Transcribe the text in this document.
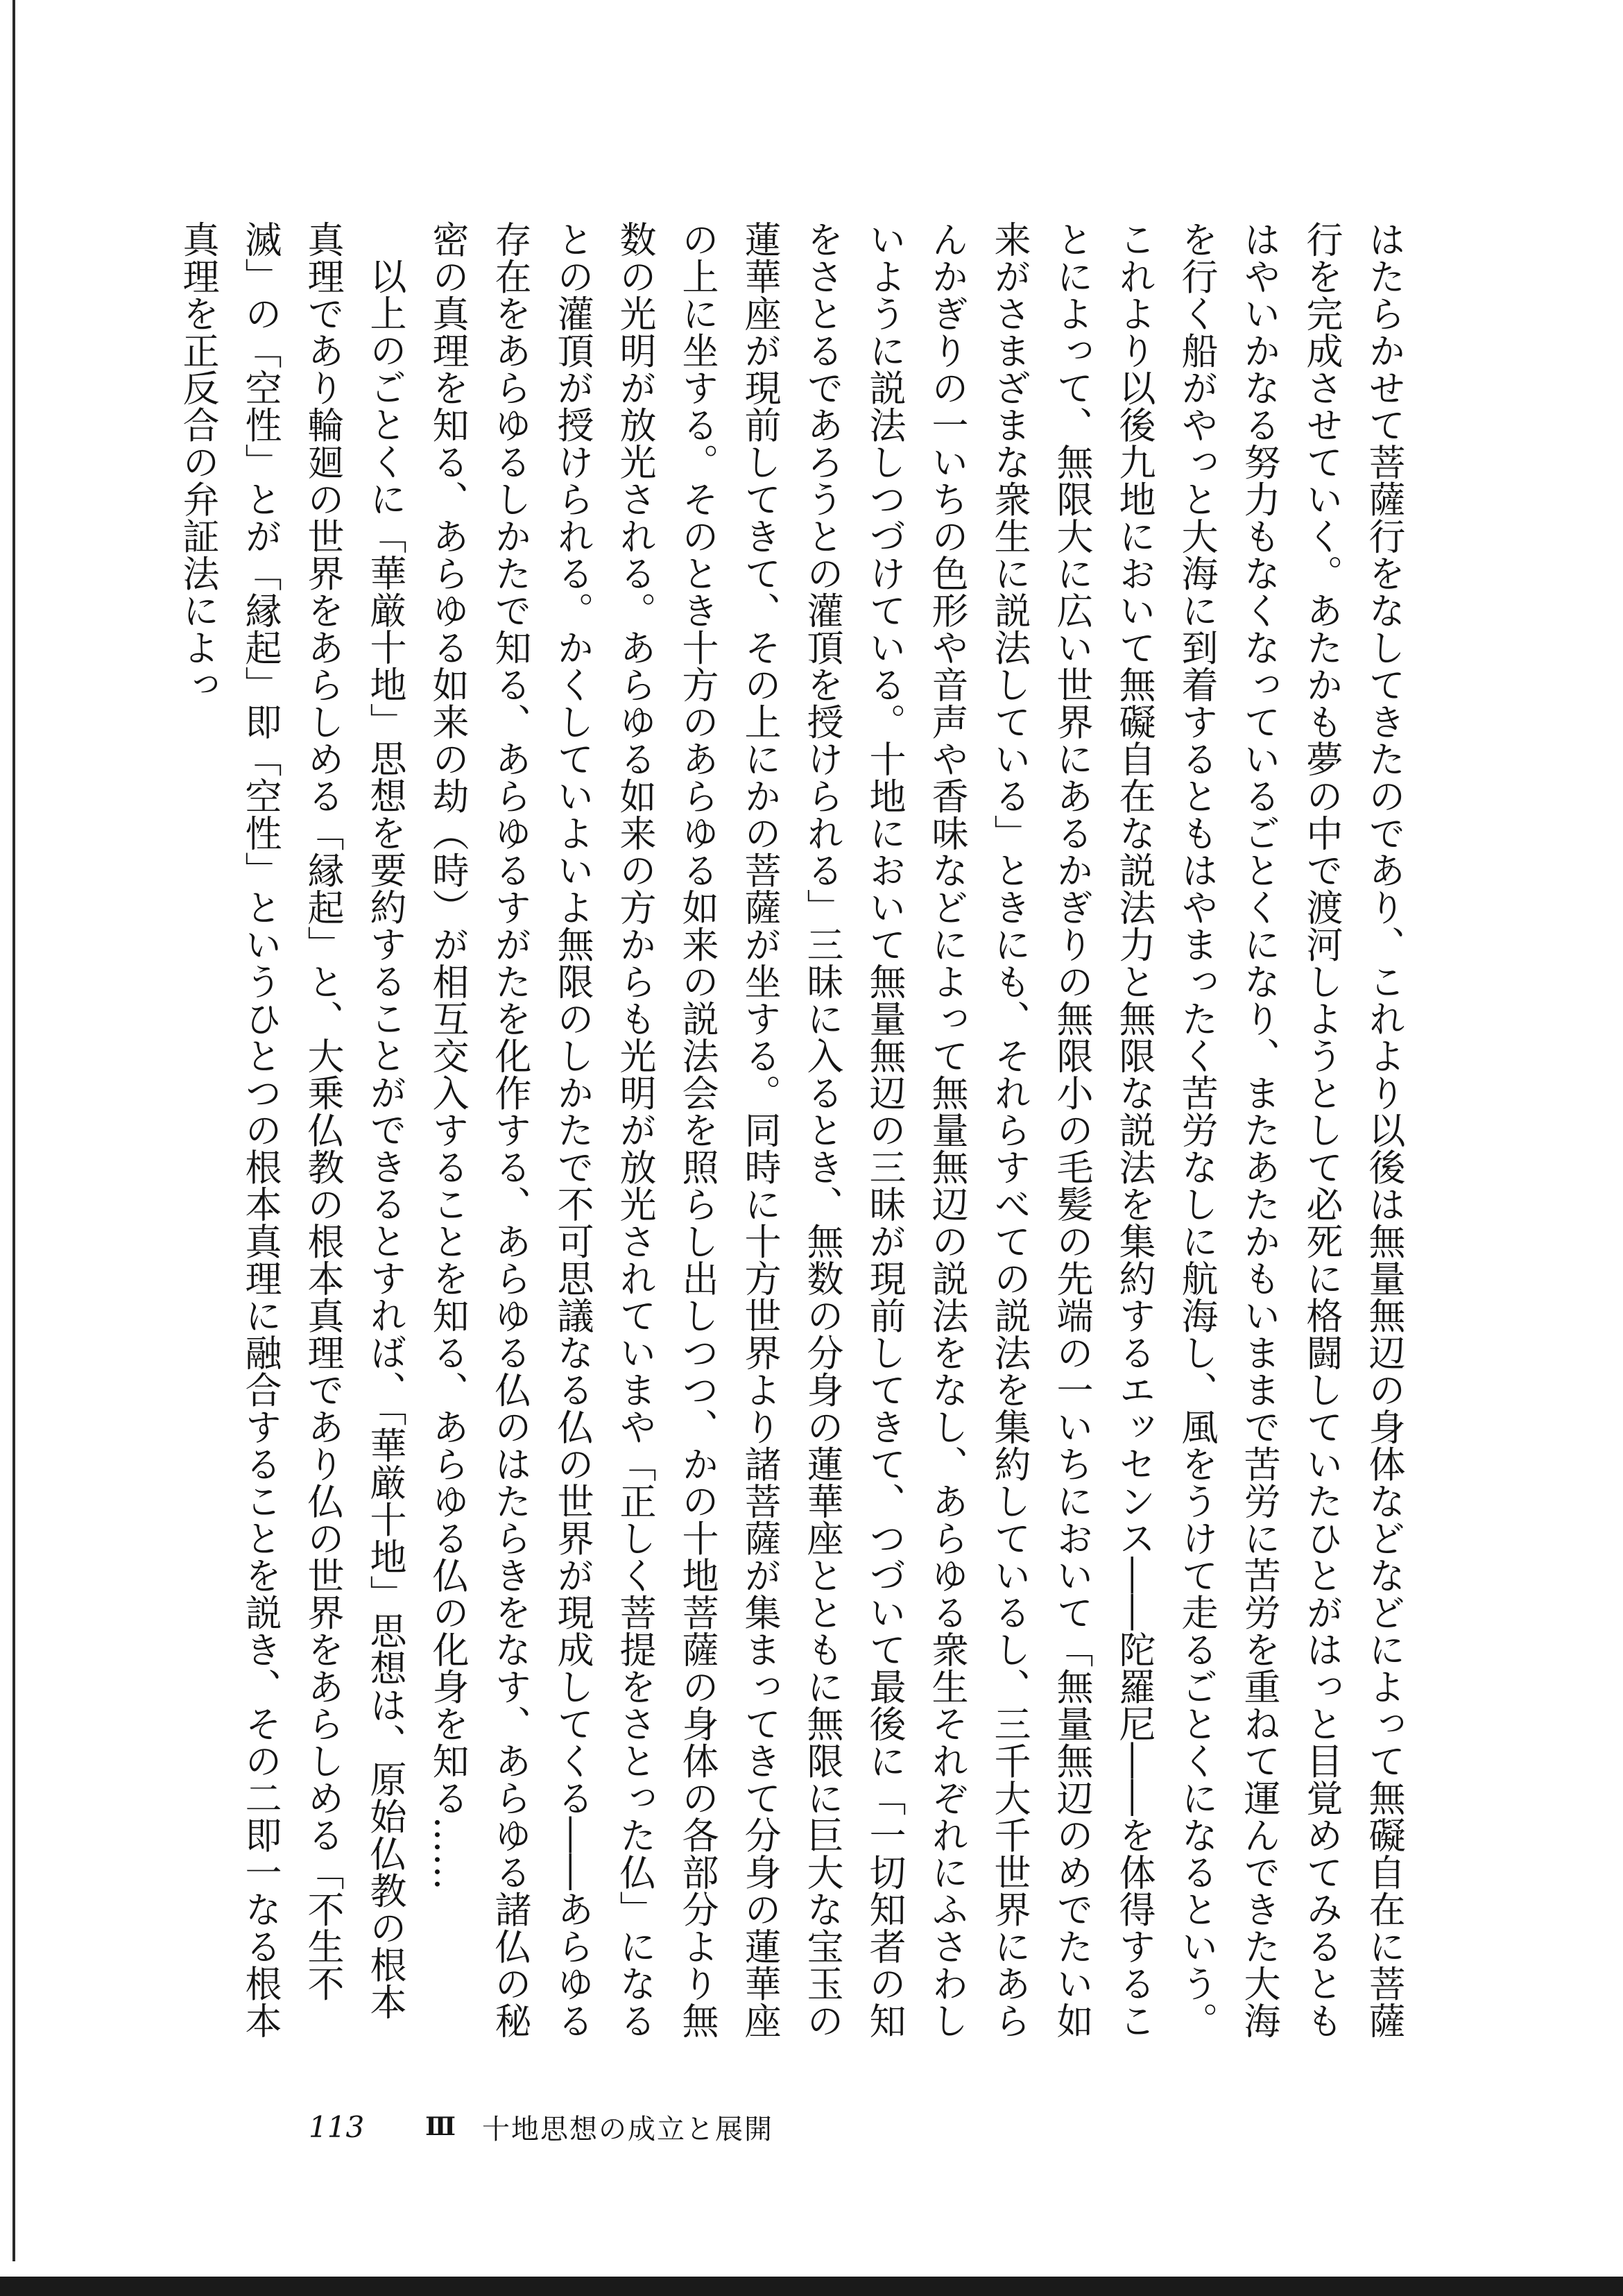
はたらかせて菩薩行をなしてきたのであり、これより以後は無量無辺の身体などなどによって無礙自在に菩薩行を完成させていく。あたかも夢の中で渡河しようとして必死に格闘していたひとがはっと目覚めてみるともはやいかなる努力もなくなっているごとくになり、またあたかもいままで苦労に苦労を重ねて運んできた大海を行く船がやっと大海に到着するともはやまったく苦労なしに航海し、風をうけて走るごとくになるという。これより以後九地において無礙自在な説法力と無限な説法を集約するエッセンス――陀羅尼――を体得することによって、無限大に広い世界にあるかぎりの無限小の毛髪の先端の一いちにおいて「無量無辺のめでたい如来がさまざまな衆生に説法している」ときにも、それらすべての説法を集約しているし、三千大千世界にあらんかぎりの一いちの色形や音声や香味などによって無量無辺の説法をなし、あらゆる衆生それぞれにふさわしいように説法しつづけている。十地において無量無辺の三昧が現前してきて、つづいて最後に「一切知者の知をさとるであろうとの灌頂を授けられる」三昧に入るとき、無数の分身の蓮華座とともに無限に巨大な宝玉の蓮華座が現前してきて、その上にかの菩薩が坐する。同時に十方世界より諸菩薩が集まってきて分身の蓮華座の上に坐する。そのとき十方のあらゆる如来の説法会を照らし出しつつ、かの十地菩薩の身体の各部分より無数の光明が放光される。あらゆる如来の方からも光明が放光されていまや「正しく菩提をさとった仏」になるとの灌頂が授けられる。かくしていよいよ無限のしかたで不可思議なる仏の世界が現成してくる――あらゆる存在をあらゆるしかたで知る、あらゆるすがたを化作する、あらゆる仏のはたらきをなす、あらゆる諸仏の秘密の真理を知る、あらゆる如来の劫（時）が相互交入することを知る、あらゆる仏の化身を知る……

以上のごとくに「華厳十地」思想を要約することができるとすれば、「華厳十地」思想は、原始仏教の根本真理であり輪廻の世界をあらしめる「縁起」と、大乗仏教の根本真理であり仏の世界をあらしめる「不生不滅」の「空性」とが「縁起」即「空性」というひとつの根本真理に融合することを説き、その二即一なる根本真理を正反合の弁証法によっ

113 Ⅲ 十地思想の成立と展開
